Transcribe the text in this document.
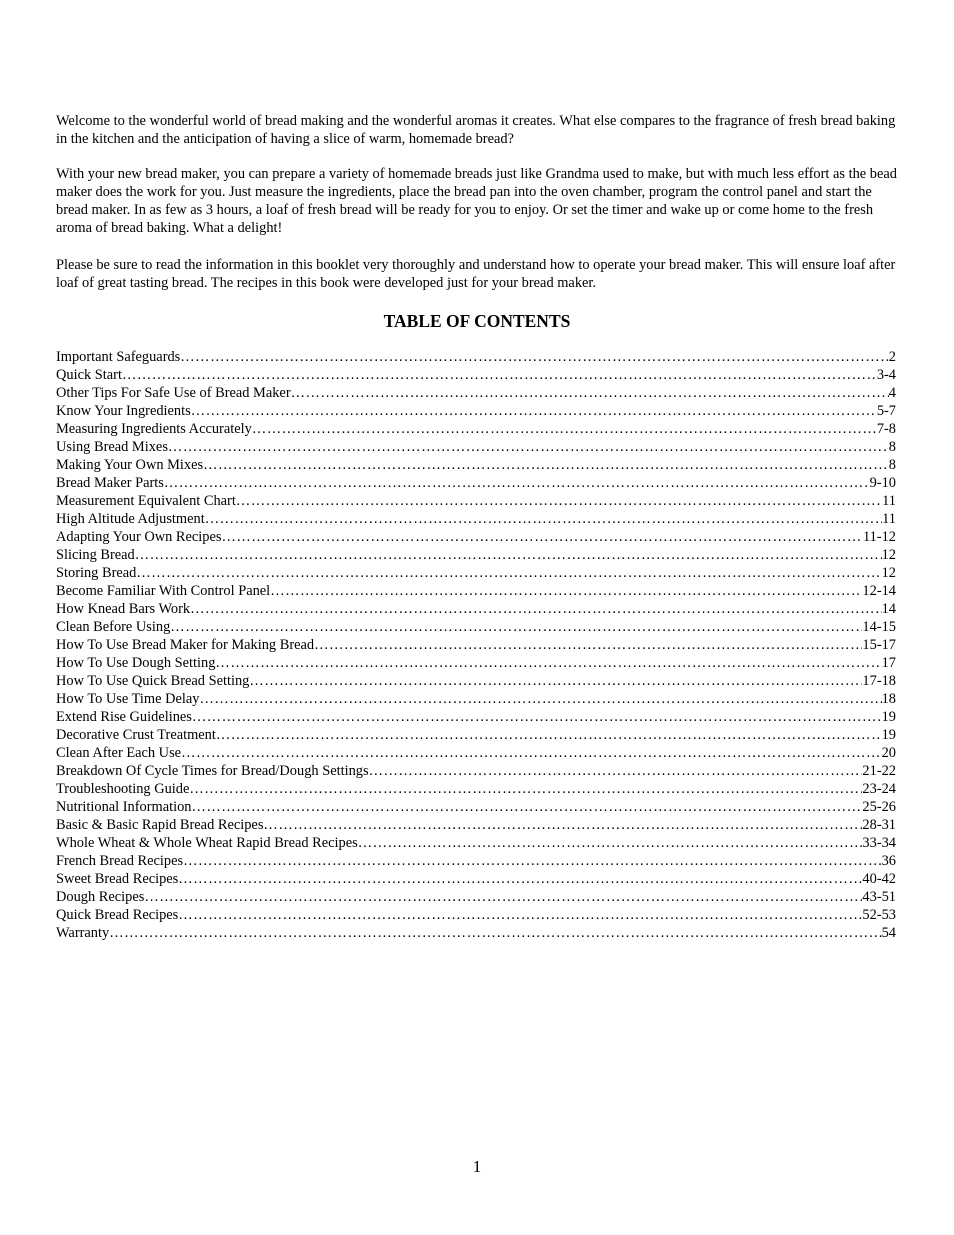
Welcome to the wonderful world of bread making and the wonderful aromas it creates. What else compares to the fragrance of fresh bread baking in the kitchen and the anticipation of having a slice of warm, homemade bread?

With your new bread maker, you can prepare a variety of homemade breads just like Grandma used to make, but with much less effort as the bead maker does the work for you. Just measure the ingredients, place the bread pan into the oven chamber, program the control panel and start the bread maker. In as few as 3 hours, a loaf of fresh bread will be ready for you to enjoy. Or set the timer and wake up or come home to the fresh aroma of bread baking. What a delight!

Please be sure to read the information in this booklet very thoroughly and understand how to operate your bread maker. This will ensure loaf after loaf of great tasting bread. The recipes in this book were developed just for your bread maker.

TABLE OF CONTENTS
Important Safeguards ……………………………………………………………………………………………………………………………………………………………………………………………………………………………………………………………………	2
Quick Start ……………………………………………………………………………………………………………………………………………………………………………………………………………………………………………………………………	3-4
Other Tips For Safe Use of Bread Maker ……………………………………………………………………………………………………………………………………………………………………………………………………………………………………………………………………	4
Know Your Ingredients ……………………………………………………………………………………………………………………………………………………………………………………………………………………………………………………………………	5-7
Measuring Ingredients Accurately ……………………………………………………………………………………………………………………………………………………………………………………………………………………………………………………………………	7-8
Using Bread Mixes ……………………………………………………………………………………………………………………………………………………………………………………………………………………………………………………………………	8
Making Your Own Mixes ……………………………………………………………………………………………………………………………………………………………………………………………………………………………………………………………………	8
Bread Maker Parts ……………………………………………………………………………………………………………………………………………………………………………………………………………………………………………………………………	9-10
Measurement Equivalent Chart ……………………………………………………………………………………………………………………………………………………………………………………………………………………………………………………………………	11
High Altitude Adjustment ……………………………………………………………………………………………………………………………………………………………………………………………………………………………………………………………………	11
Adapting Your Own Recipes ……………………………………………………………………………………………………………………………………………………………………………………………………………………………………………………………………	11-12
Slicing Bread ……………………………………………………………………………………………………………………………………………………………………………………………………………………………………………………………………	12
Storing Bread ……………………………………………………………………………………………………………………………………………………………………………………………………………………………………………………………………	12
Become Familiar With Control Panel ……………………………………………………………………………………………………………………………………………………………………………………………………………………………………………………………………	12-14
How Knead Bars Work ……………………………………………………………………………………………………………………………………………………………………………………………………………………………………………………………………	14
Clean Before Using ……………………………………………………………………………………………………………………………………………………………………………………………………………………………………………………………………	14-15
How To Use Bread Maker for Making Bread ……………………………………………………………………………………………………………………………………………………………………………………………………………………………………………………………………	15-17
How To Use Dough Setting ……………………………………………………………………………………………………………………………………………………………………………………………………………………………………………………………………	17
How To Use Quick Bread Setting ……………………………………………………………………………………………………………………………………………………………………………………………………………………………………………………………………	17-18
How To Use Time Delay ……………………………………………………………………………………………………………………………………………………………………………………………………………………………………………………………………	18
Extend Rise Guidelines ……………………………………………………………………………………………………………………………………………………………………………………………………………………………………………………………………	19
Decorative Crust Treatment ……………………………………………………………………………………………………………………………………………………………………………………………………………………………………………………………………	19
Clean After Each Use ……………………………………………………………………………………………………………………………………………………………………………………………………………………………………………………………………	20
Breakdown Of Cycle Times for Bread/Dough Settings ……………………………………………………………………………………………………………………………………………………………………………………………………………………………………………………………………	21-22
Troubleshooting Guide ……………………………………………………………………………………………………………………………………………………………………………………………………………………………………………………………………	23-24
Nutritional Information ……………………………………………………………………………………………………………………………………………………………………………………………………………………………………………………………………	25-26
Basic & Basic Rapid Bread Recipes ……………………………………………………………………………………………………………………………………………………………………………………………………………………………………………………………………	28-31
Whole Wheat & Whole Wheat Rapid Bread Recipes ……………………………………………………………………………………………………………………………………………………………………………………………………………………………………………………………………	33-34
French Bread Recipes ……………………………………………………………………………………………………………………………………………………………………………………………………………………………………………………………………	36
Sweet Bread Recipes ……………………………………………………………………………………………………………………………………………………………………………………………………………………………………………………………………	40-42
Dough Recipes ……………………………………………………………………………………………………………………………………………………………………………………………………………………………………………………………………	43-51
Quick Bread Recipes ……………………………………………………………………………………………………………………………………………………………………………………………………………………………………………………………………	52-53
Warranty ……………………………………………………………………………………………………………………………………………………………………………………………………………………………………………………………………	54
1
